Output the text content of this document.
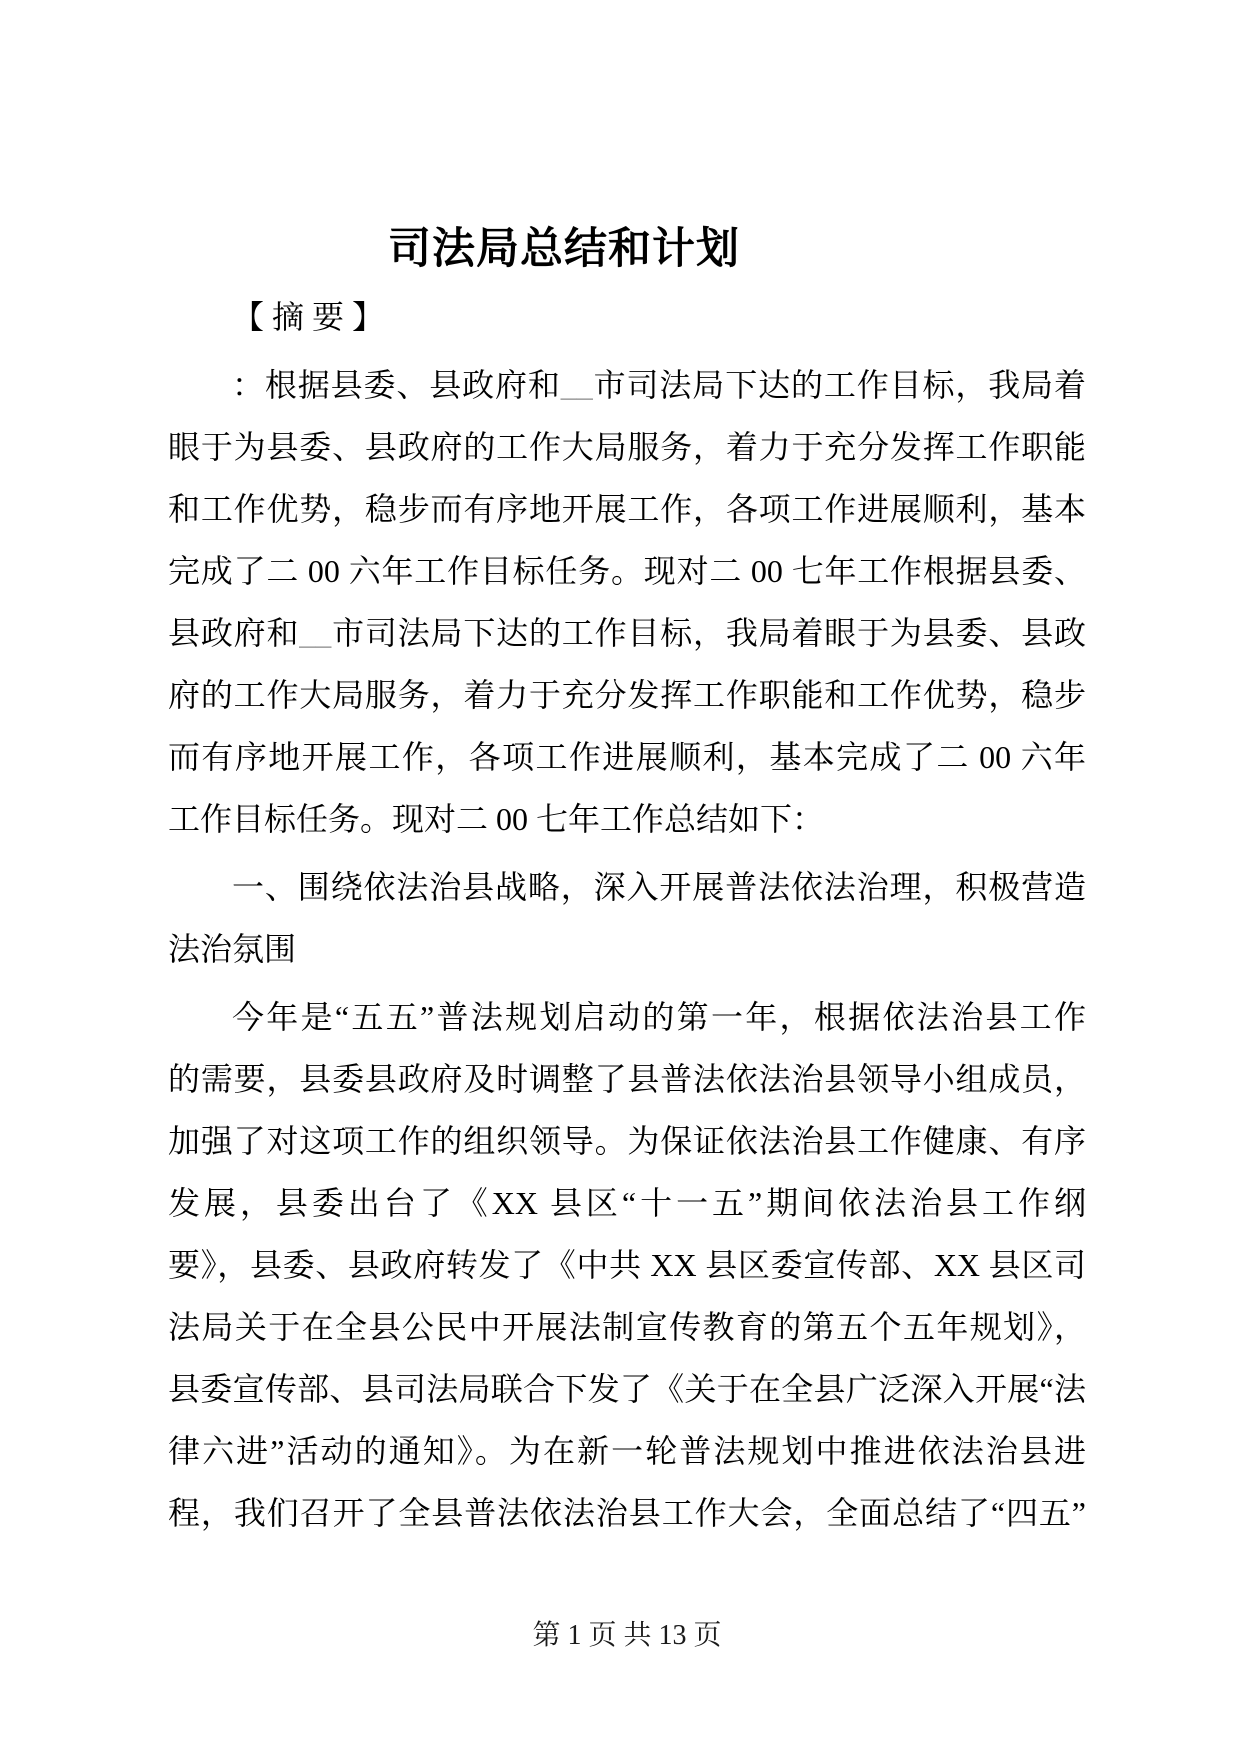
司法局总结和计划
【摘要】
：根据县委、县政府和__市司法局下达的工作目标，我局着
眼于为县委、县政府的工作大局服务，着力于充分发挥工作职能
和工作优势，稳步而有序地开展工作，各项工作进展顺利，基本
完成了二 00 六年工作目标任务。现对二 00 七年工作根据县委、
县政府和__市司法局下达的工作目标，我局着眼于为县委、县政
府的工作大局服务，着力于充分发挥工作职能和工作优势，稳步
而有序地开展工作，各项工作进展顺利，基本完成了二 00 六年
工作目标任务。现对二 00 七年工作总结如下：
一、围绕依法治县战略，深入开展普法依法治理，积极营造
法治氛围
今年是“五五”普法规划启动的第一年，根据依法治县工作
的需要，县委县政府及时调整了县普法依法治县领导小组成员，
加强了对这项工作的组织领导。为保证依法治县工作健康、有序
发展，县委出台了《XX 县区“十一五”期间依法治县工作纲
要》，县委、县政府转发了《中共 XX 县区委宣传部、XX 县区司
法局关于在全县公民中开展法制宣传教育的第五个五年规划》，
县委宣传部、县司法局联合下发了《关于在全县广泛深入开展“法
律六进”活动的通知》。为在新一轮普法规划中推进依法治县进
程，我们召开了全县普法依法治县工作大会，全面总结了“四五”
第 1 页 共 13 页
